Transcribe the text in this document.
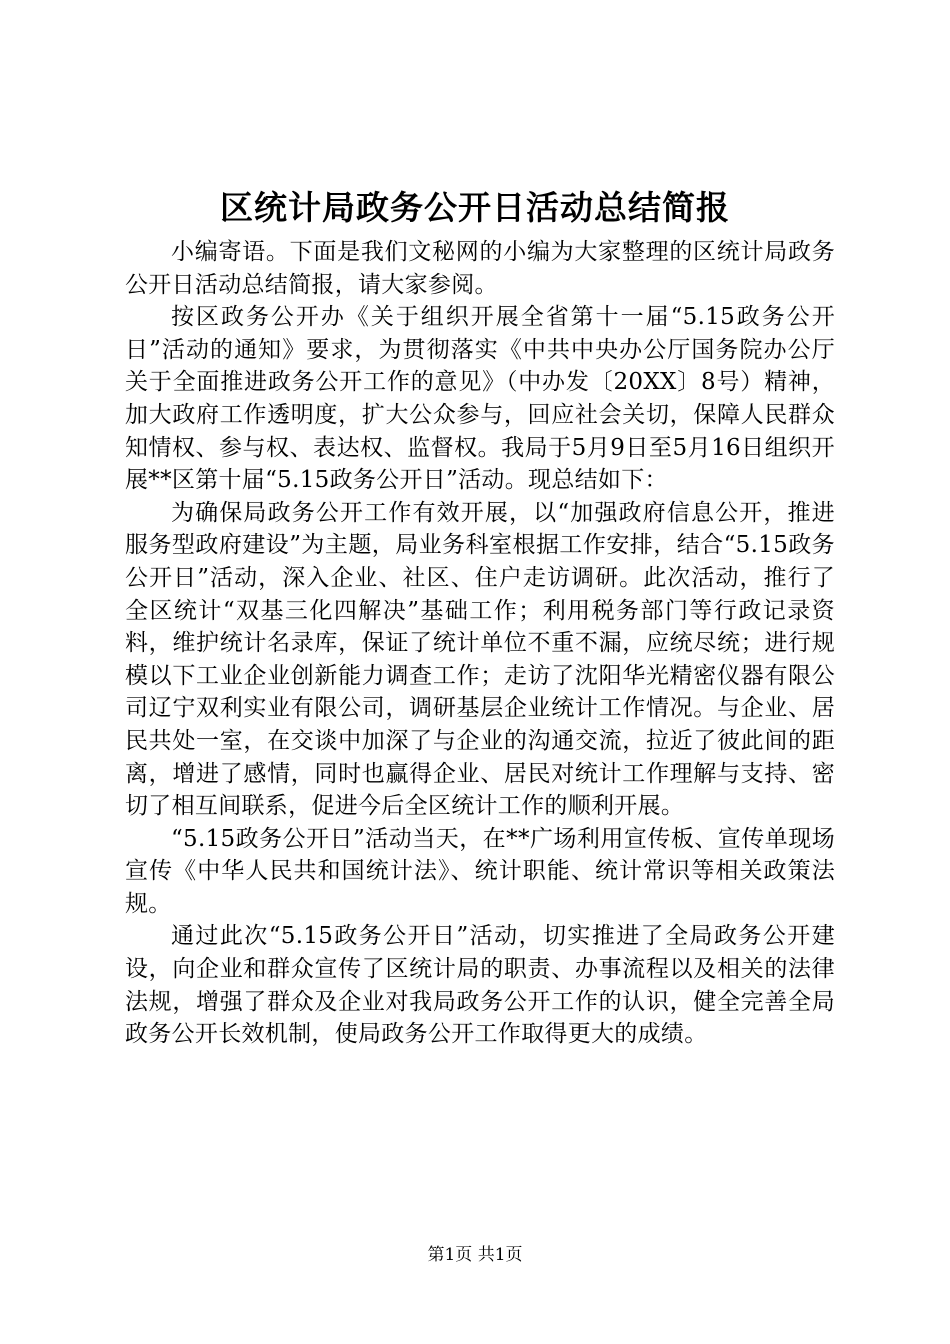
区统计局政务公开日活动总结简报

小编寄语。下面是我们文秘网的小编为大家整理的区统计局政务公开日活动总结简报，请大家参阅。

按区政务公开办《关于组织开展全省第十一届“5.15政务公开日”活动的通知》要求，为贯彻落实《中共中央办公厅国务院办公厅关于全面推进政务公开工作的意见》（中办发〔20XX〕8号）精神，加大政府工作透明度，扩大公众参与，回应社会关切，保障人民群众知情权、参与权、表达权、监督权。我局于5月9日至5月16日组织开展**区第十届“5.15政务公开日”活动。现总结如下：

为确保局政务公开工作有效开展，以“加强政府信息公开，推进服务型政府建设”为主题，局业务科室根据工作安排，结合“5.15政务公开日”活动，深入企业、社区、住户走访调研。此次活动，推行了全区统计“双基三化四解决”基础工作；利用税务部门等行政记录资料，维护统计名录库，保证了统计单位不重不漏，应统尽统；进行规模以下工业企业创新能力调查工作；走访了沈阳华光精密仪器有限公司辽宁双利实业有限公司，调研基层企业统计工作情况。与企业、居民共处一室，在交谈中加深了与企业的沟通交流，拉近了彼此间的距离，增进了感情，同时也赢得企业、居民对统计工作理解与支持、密切了相互间联系，促进今后全区统计工作的顺利开展。

“5.15政务公开日”活动当天，在**广场利用宣传板、宣传单现场宣传《中华人民共和国统计法》、统计职能、统计常识等相关政策法规。

通过此次“5.15政务公开日”活动，切实推进了全局政务公开建设，向企业和群众宣传了区统计局的职责、办事流程以及相关的法律法规，增强了群众及企业对我局政务公开工作的认识，健全完善全局政务公开长效机制，使局政务公开工作取得更大的成绩。

第1页 共1页
